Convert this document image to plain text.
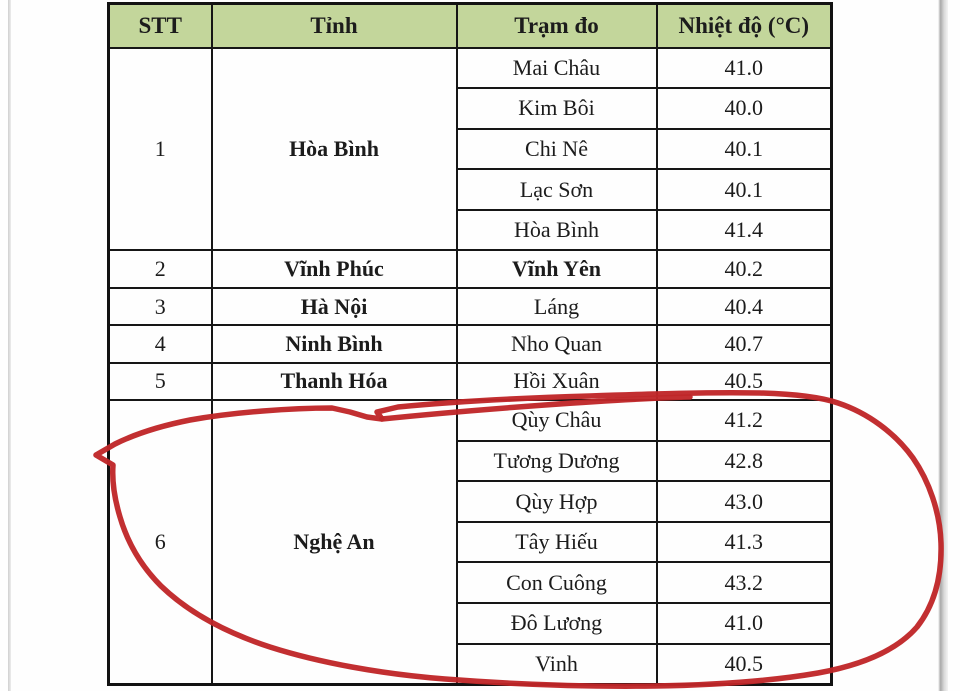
STT	Tỉnh	Trạm đo	Nhiệt độ (°C)
1	Hòa Bình	Mai Châu	41.0
		Kim Bôi	40.0
		Chi Nê	40.1
		Lạc Sơn	40.1
		Hòa Bình	41.4
2	Vĩnh Phúc	Vĩnh Yên	40.2
3	Hà Nội	Láng	40.4
4	Ninh Bình	Nho Quan	40.7
5	Thanh Hóa	Hồi Xuân	40.5
6	Nghệ An	Qùy Châu	41.2
		Tương Dương	42.8
		Qùy Hợp	43.0
		Tây Hiếu	41.3
		Con Cuông	43.2
		Đô Lương	41.0
		Vinh	40.5
